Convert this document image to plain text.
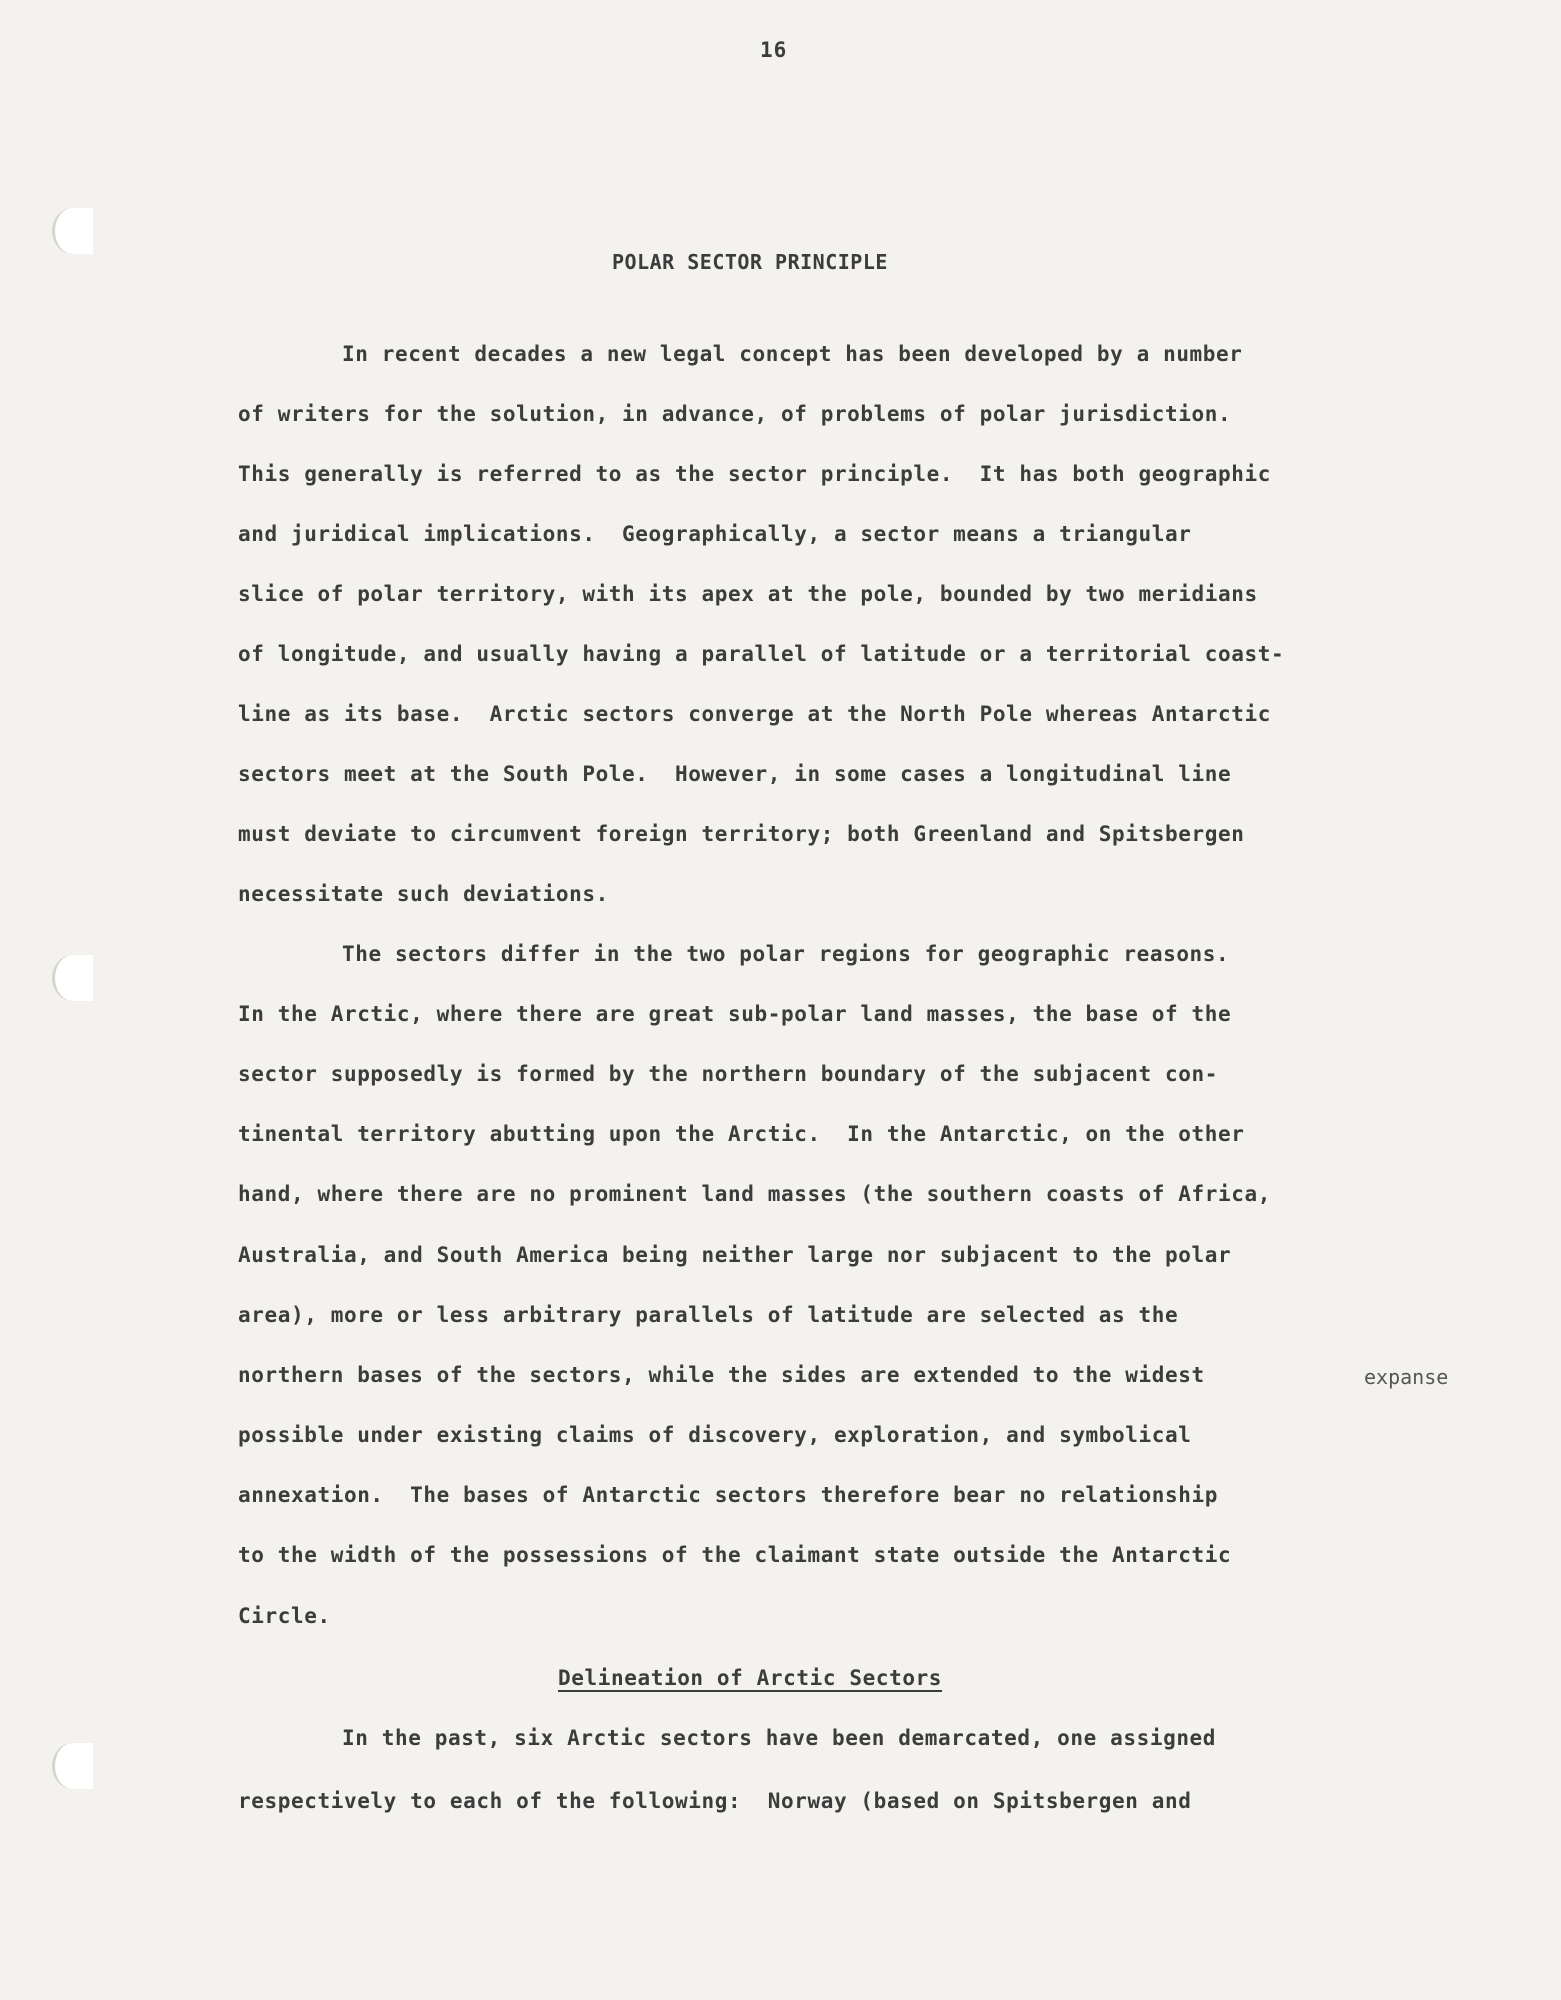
16
POLAR SECTOR PRINCIPLE
In recent decades a new legal concept has been developed by a number
of writers for the solution, in advance, of problems of polar jurisdiction.
This generally is referred to as the sector principle.  It has both geographic
and juridical implications.  Geographically, a sector means a triangular
slice of polar territory, with its apex at the pole, bounded by two meridians
of longitude, and usually having a parallel of latitude or a territorial coast-
line as its base.  Arctic sectors converge at the North Pole whereas Antarctic
sectors meet at the South Pole.  However, in some cases a longitudinal line
must deviate to circumvent foreign territory; both Greenland and Spitsbergen
necessitate such deviations.
The sectors differ in the two polar regions for geographic reasons.
In the Arctic, where there are great sub-polar land masses, the base of the
sector supposedly is formed by the northern boundary of the subjacent con-
tinental territory abutting upon the Arctic.  In the Antarctic, on the other
hand, where there are no prominent land masses (the southern coasts of Africa,
Australia, and South America being neither large nor subjacent to the polar
area), more or less arbitrary parallels of latitude are selected as the
northern bases of the sectors, while the sides are extended to the widest	expanse
possible under existing claims of discovery, exploration, and symbolical
annexation.  The bases of Antarctic sectors therefore bear no relationship
to the width of the possessions of the claimant state outside the Antarctic
Circle.
Delineation of Arctic Sectors
In the past, six Arctic sectors have been demarcated, one assigned
respectively to each of the following:  Norway (based on Spitsbergen and
